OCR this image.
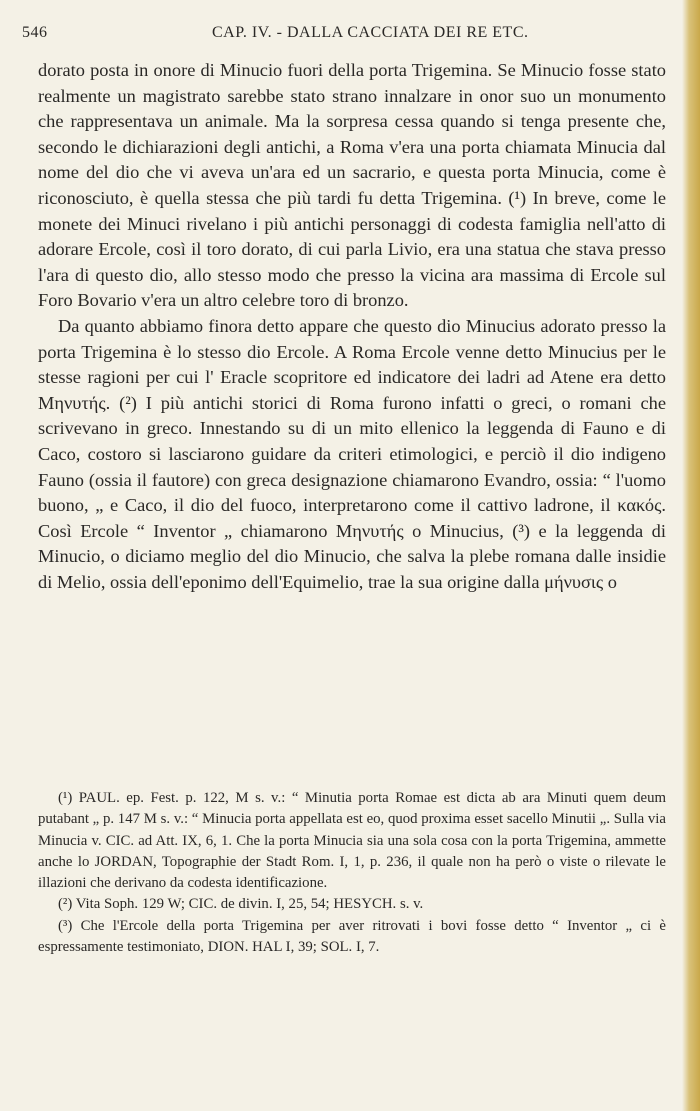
546	CAP. IV. - DALLA CACCIATA DEI RE ETC.

dorato posta in onore di Minucio fuori della porta Trigemina. Se Minucio fosse stato realmente un magistrato sarebbe stato strano innalzare in onor suo un monumento che rappresentava un animale. Ma la sorpresa cessa quando si tenga presente che, secondo le dichiarazioni degli antichi, a Roma v'era una porta chiamata Minucia dal nome del dio che vi aveva un'ara ed un sacrario, e questa porta Minucia, come è riconosciuto, è quella stessa che più tardi fu detta Trigemina. (¹) In breve, come le monete dei Minuci rivelano i più antichi personaggi di codesta famiglia nell'atto di adorare Ercole, così il toro dorato, di cui parla Livio, era una statua che stava presso l'ara di questo dio, allo stesso modo che presso la vicina ara massima di Ercole sul Foro Bovario v'era un altro celebre toro di bronzo.

Da quanto abbiamo finora detto appare che questo dio Minucius adorato presso la porta Trigemina è lo stesso dio Ercole. A Roma Ercole venne detto Minucius per le stesse ragioni per cui l' Eracle scopritore ed indicatore dei ladri ad Atene era detto Μηνυτής. (²) I più antichi storici di Roma furono infatti o greci, o romani che scrivevano in greco. Innestando su di un mito ellenico la leggenda di Fauno e di Caco, costoro si lasciarono guidare da criteri etimologici, e perciò il dio indigeno Fauno (ossia il fautore) con greca designazione chiamarono Evandro, ossia: “ l'uomo buono, „ e Caco, il dio del fuoco, interpretarono come il cattivo ladrone, il κακός. Così Ercole “ Inventor „ chiamarono Μηνυτής o Minucius, (³) e la leggenda di Minucio, o diciamo meglio del dio Minucio, che salva la plebe romana dalle insidie di Melio, ossia dell'eponimo dell'Equimelio, trae la sua origine dalla μήνυσις o

(¹) PAUL. ep. Fest. p. 122, M s. v.: “ Minutia porta Romae est dicta ab ara Minuti quem deum putabant „ p. 147 M s. v.: “ Minucia porta appellata est eo, quod proxima esset sacello Minutii „. Sulla via Minucia v. CIC. ad Att. IX, 6, 1. Che la porta Minucia sia una sola cosa con la porta Trigemina, ammette anche lo JORDAN, Topographie der Stadt Rom. I, 1, p. 236, il quale non ha però o viste o rilevate le illazioni che derivano da codesta identificazione.

(²) Vita Soph. 129 W; CIC. de divin. I, 25, 54; HESYCH. s. v.

(³) Che l'Ercole della porta Trigemina per aver ritrovati i bovi fosse detto “ Inventor „ ci è espressamente testimoniato, DION. HAL I, 39; SOL. I, 7.
